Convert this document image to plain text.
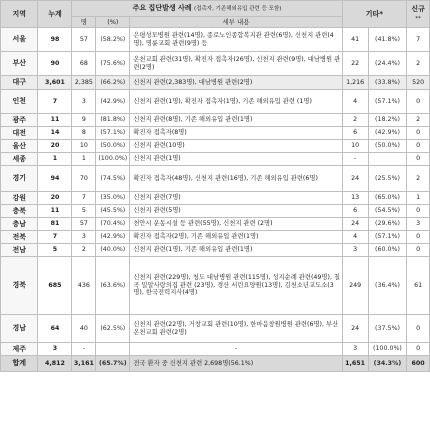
지역	누계	주요 집단발생 사례 (접촉자, 기존해외유입 관련 등 포함)			기타*		신규
**
		명	(%)	세부 내용			
서울	98	57	(58.2%)	은평성모병원 관련(14명), 종로노인종합복지관 관련(6명), 신천지 관련(4명), 명륜교회 관련(9명) 등	41	(41.8%)	7
부산	90	68	(75.6%)	온천교회 관련(31명), 확진자 접촉자(26명), 신천지 관련(9명), 대남병원 관련(2명)	22	(24.4%)	2
대구	3,601	2,385	(66.2%)	신천지 관련(2,383명), 대남병원 관련(2명)	1,216	(33.8%)	520
인천	7	3	(42.9%)	신천지 관련(1명), 확진자 접촉자(1명), 기존 해외유입 관련 (1명)	4	(57.1%)	0
광주	11	9	(81.8%)	신천지 관련(8명), 기존 해외유입 관련(1명)	2	(18.2%)	2
대전	14	8	(57.1%)	확진자 접촉자(8명)	6	(42.9%)	0
울산	20	10	(50.0%)	신천지 관련(10명)	10	(50.0%)	0
세종	1	1	(100.0%)	신천지 관련(1명)	-		0
경기	94	70	(74.5%)	확진자 접촉자(48명), 신천지 관련(16명), 기존 해외유입 관련(6명)	24	(25.5%)	2
강원	20	7	(35.0%)	신천지 관련(7명)	13	(65.0%)	1
충북	11	5	(45.5%)	신천지 관련(5명)	6	(54.5%)	0
충남	81	57	(70.4%)	천안시 운동시설 등 관련(55명), 신천지 관련 (2명)	24	(29.6%)	3
전북	7	3	(42.9%)	확진자 접촉자(2명), 기존 해외유입 관련(1명)	4	(57.1%)	0
전남	5	2	(40.0%)	신천지 관련(1명), 기존 해외유입 관련(1명)	3	(60.0%)	0
경북	685	436	(63.6%)	신천지 관련(229명), 청도 대남병원 관련(115명), 성지순례 관련(49명), 칠곡 밀알사랑의집 관련 (23명), 경산 서린요양원(13명), 김천소년교도소(3명), 한국전력지사(4명)	249	(36.4%)	61
경남	64	40	(62.5%)	신천지 관련(22명), 거창교회 관련(10명), 한마음창원병원 관련(6명), 부산 온천교회 관련(2명)	24	(37.5%)	0
제주	3	-		-	3	(100.0%)	0
합계	4,812	3,161	(65.7%)	전국 환자 중 신천지 관련 2,698명(56.1%)	1,651	(34.3%)	600
